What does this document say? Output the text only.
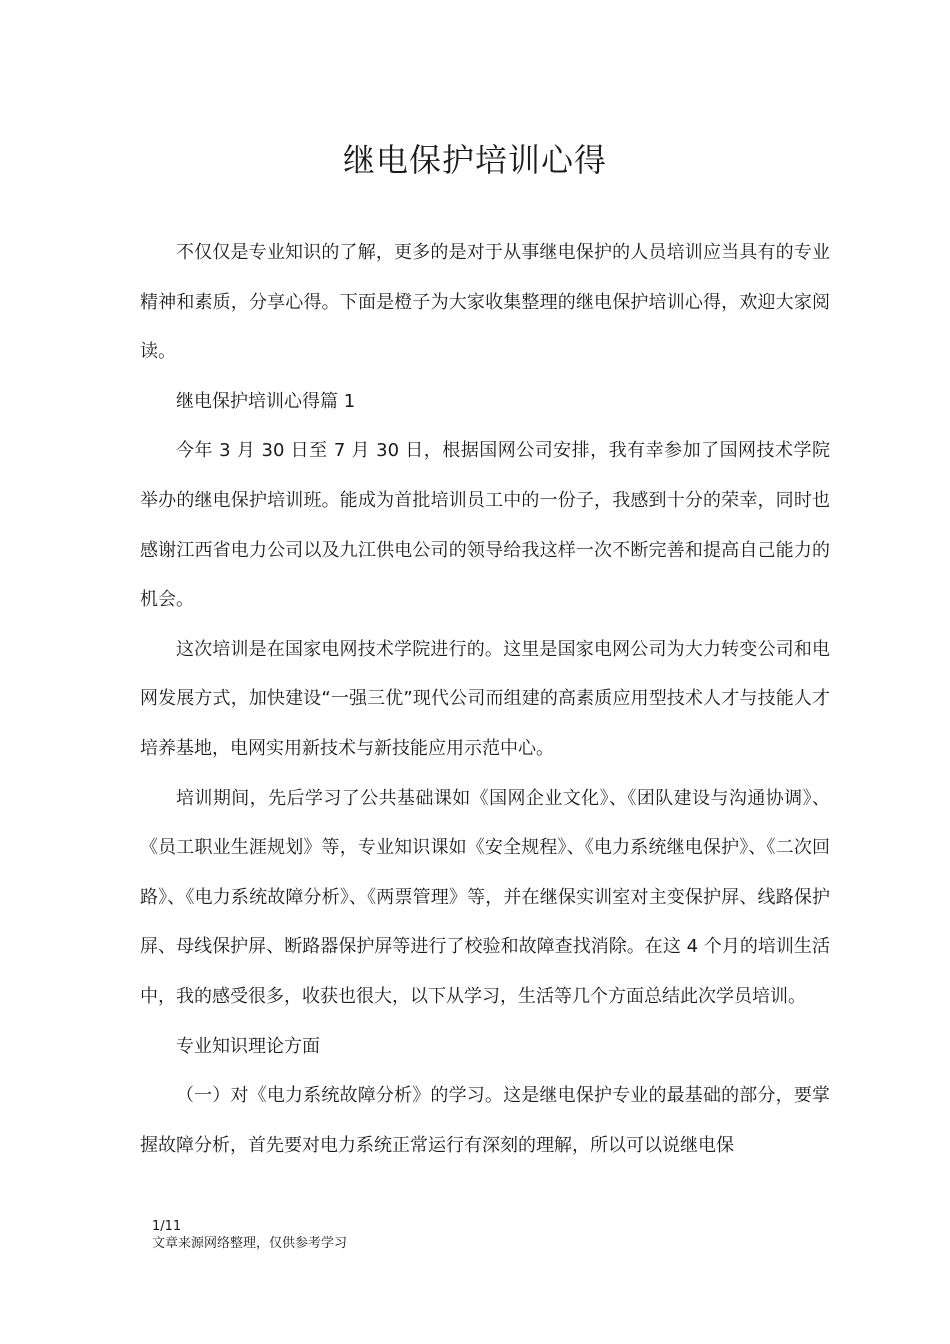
继电保护培训心得

不仅仅是专业知识的了解，更多的是对于从事继电保护的人员培训应当具有的专业精神和素质，分享心得。下面是橙子为大家收集整理的继电保护培训心得，欢迎大家阅读。

继电保护培训心得篇 1

今年 3 月 30 日至 7 月 30 日，根据国网公司安排，我有幸参加了国网技术学院举办的继电保护培训班。能成为首批培训员工中的一份子，我感到十分的荣幸，同时也感谢江西省电力公司以及九江供电公司的领导给我这样一次不断完善和提高自己能力的机会。

这次培训是在国家电网技术学院进行的。这里是国家电网公司为大力转变公司和电网发展方式，加快建设“一强三优”现代公司而组建的高素质应用型技术人才与技能人才培养基地，电网实用新技术与新技能应用示范中心。

培训期间，先后学习了公共基础课如《国网企业文化》、《团队建设与沟通协调》、《员工职业生涯规划》等，专业知识课如《安全规程》、《电力系统继电保护》、《二次回路》、《电力系统故障分析》、《两票管理》等，并在继保实训室对主变保护屏、线路保护屏、母线保护屏、断路器保护屏等进行了校验和故障查找消除。在这 4 个月的培训生活中，我的感受很多，收获也很大，以下从学习，生活等几个方面总结此次学员培训。

专业知识理论方面

（一）对《电力系统故障分析》的学习。这是继电保护专业的最基础的部分，要掌握故障分析，首先要对电力系统正常运行有深刻的理解，所以可以说继电保

1/11
文章来源网络整理，仅供参考学习
